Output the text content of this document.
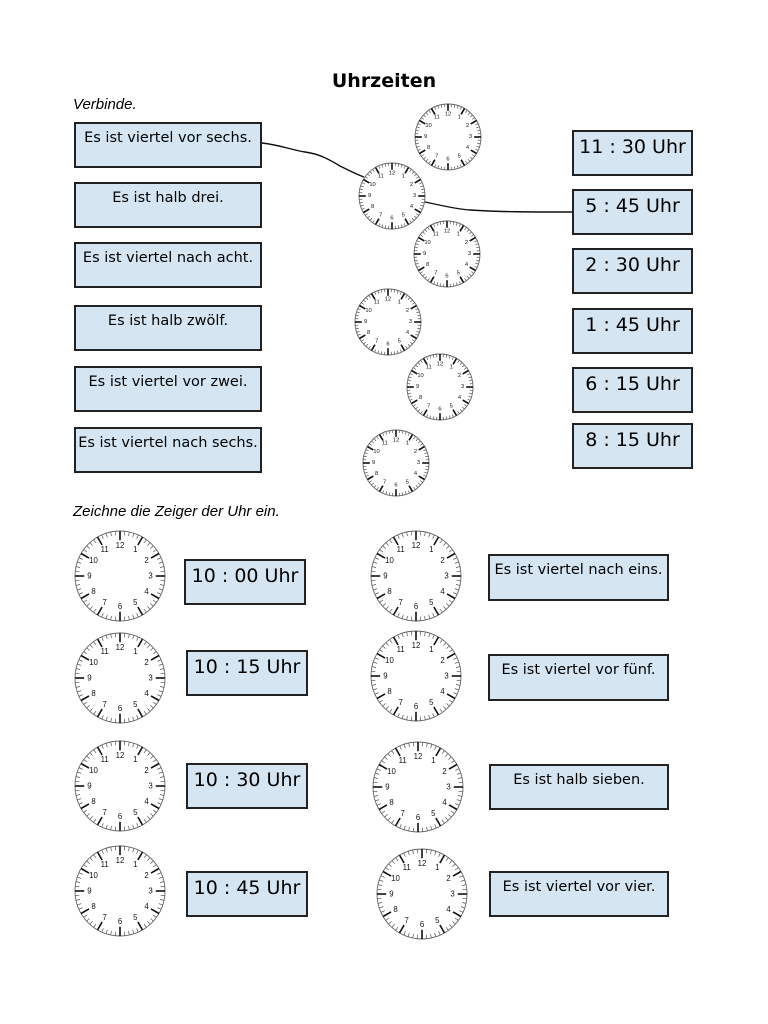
Uhrzeiten
Verbinde.
Es ist viertel vor sechs.
Es ist halb drei.
Es ist viertel nach acht.
Es ist halb zwölf.
Es ist viertel vor zwei.
Es ist viertel nach sechs.
11 : 30 Uhr
5 : 45 Uhr
2 : 30 Uhr
1 : 45 Uhr
6 : 15 Uhr
8 : 15 Uhr
12
1
2
3
4
5
6
7
8
9
10
11
12
1
2
3
4
5
6
7
8
9
10
11
12
1
2
3
4
5
6
7
8
9
10
11
12
1
2
3
4
5
6
7
8
9
10
11
12
1
2
3
4
5
6
7
8
9
10
11
12
1
2
3
4
5
6
7
8
9
10
11
Zeichne die Zeiger der Uhr ein.
12 1
2
3
4
5
6
7
8
9
10
11
12 1
2
3
4
5
6
7
8
9
10
11
12 1
2
3
4
5
6
7
8
9
10
11
12 1
2
3
4
5
6
7
8
9
10
11
12 1
2
3
4
5
6
7
8
9
10
11
12 1
2
3
4
5
6
7
8
9
10
11
12 1
2
3
4
5
6
7
8
9
10
11
12 1
2
3
4
5
6
7
8
9
10
11
10 : 00 Uhr
10 : 15 Uhr
10 : 30 Uhr
10 : 45 Uhr
Es ist viertel nach eins.
Es ist viertel vor fünf.
Es ist halb sieben.
Es ist viertel vor vier.
